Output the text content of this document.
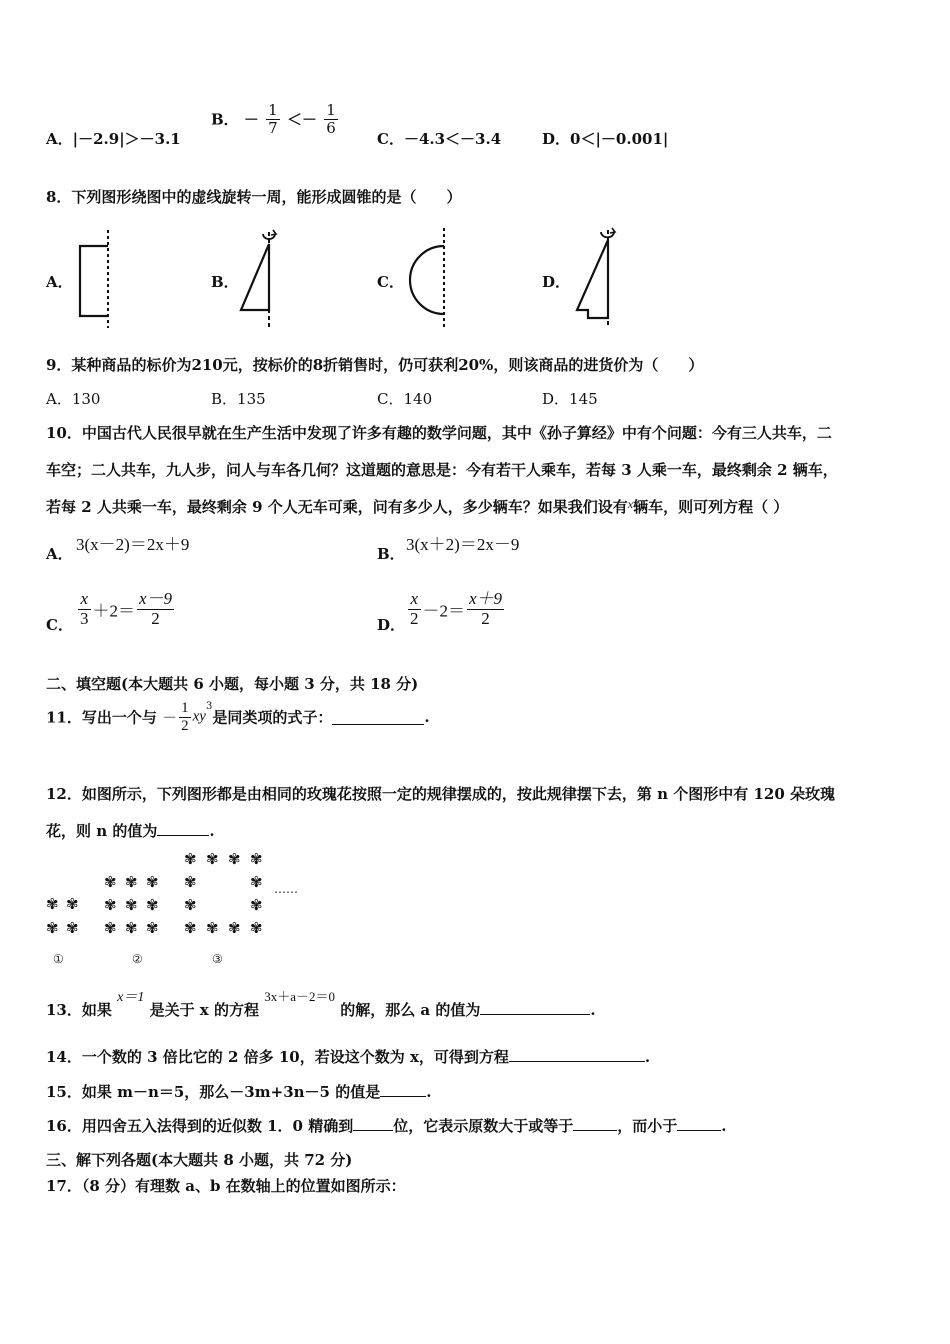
A．|－2.9|＞－3.1
B． － $\frac{1}{7} <- \frac{1}{6}$
C．－4.3＜－3.4	D．0＜|－0.001|
8．下列图形绕图中的虚线旋转一周，能形成圆锥的是（　　）
A．	B．	C．	D．
9．某种商品的标价为210元，按标价的8折销售时，仍可获利20%，则该商品的进货价为（　　）
A．130	B．135	C．140	D．145
10．中国古代人民很早就在生产生活中发现了许多有趣的数学问题，其中《孙子算经》中有个问题：今有三人共车，二
车空；二人共车，九人步，问人与车各几何？这道题的意思是：今有若干人乘车，若每 3 人乘一车，最终剩余 2 辆车，
若每 2 人共乘一车，最终剩余 9 个人无车可乘，问有多少人，多少辆车？如果我们设有$^x$辆车，则可列方程（ ）
A． 3(x－2)＝2x＋9	B． 3(x＋2)＝2x－9
C． $\frac{x}{3} +2= \frac{x-9}{2}$	D． $\frac{x}{2} -2= \frac{x+9}{2}$
二、填空题(本大题共 6 小题，每小题 3 分，共 18 分)
11．写出一个与 － $\frac{1}{2} xy^3$是同类项的式子：	.
12．如图所示，下列图形都是由相同的玫瑰花按照一定的规律摆成的，按此规律摆下去，第 n 个图形中有 120 朵玫瑰
花，则 n 的值为	.
✾ ✾
✾ ✾
✾ ✾ ✾
✾ ✾ ✾
✾ ✾ ✾
✾ ✾ ✾ ✾
✾	✾
✾	✾
✾ ✾ ✾ ✾
……
①	②	③
13．如果 x＝1 是关于 x 的方程 3x＋a－2＝0 的解，那么 a 的值为	.
14．一个数的 3 倍比它的 2 倍多 10，若设这个数为 x，可得到方程	.
15．如果 m－n＝5，那么－3m+3n－5 的值是	.
16．用四舍五入法得到的近似数 1．0 精确到	位，它表示原数大于或等于	，而小于	.
三、解下列各题(本大题共 8 小题，共 72 分)
17．（8 分）有理数 a、b 在数轴上的位置如图所示：
